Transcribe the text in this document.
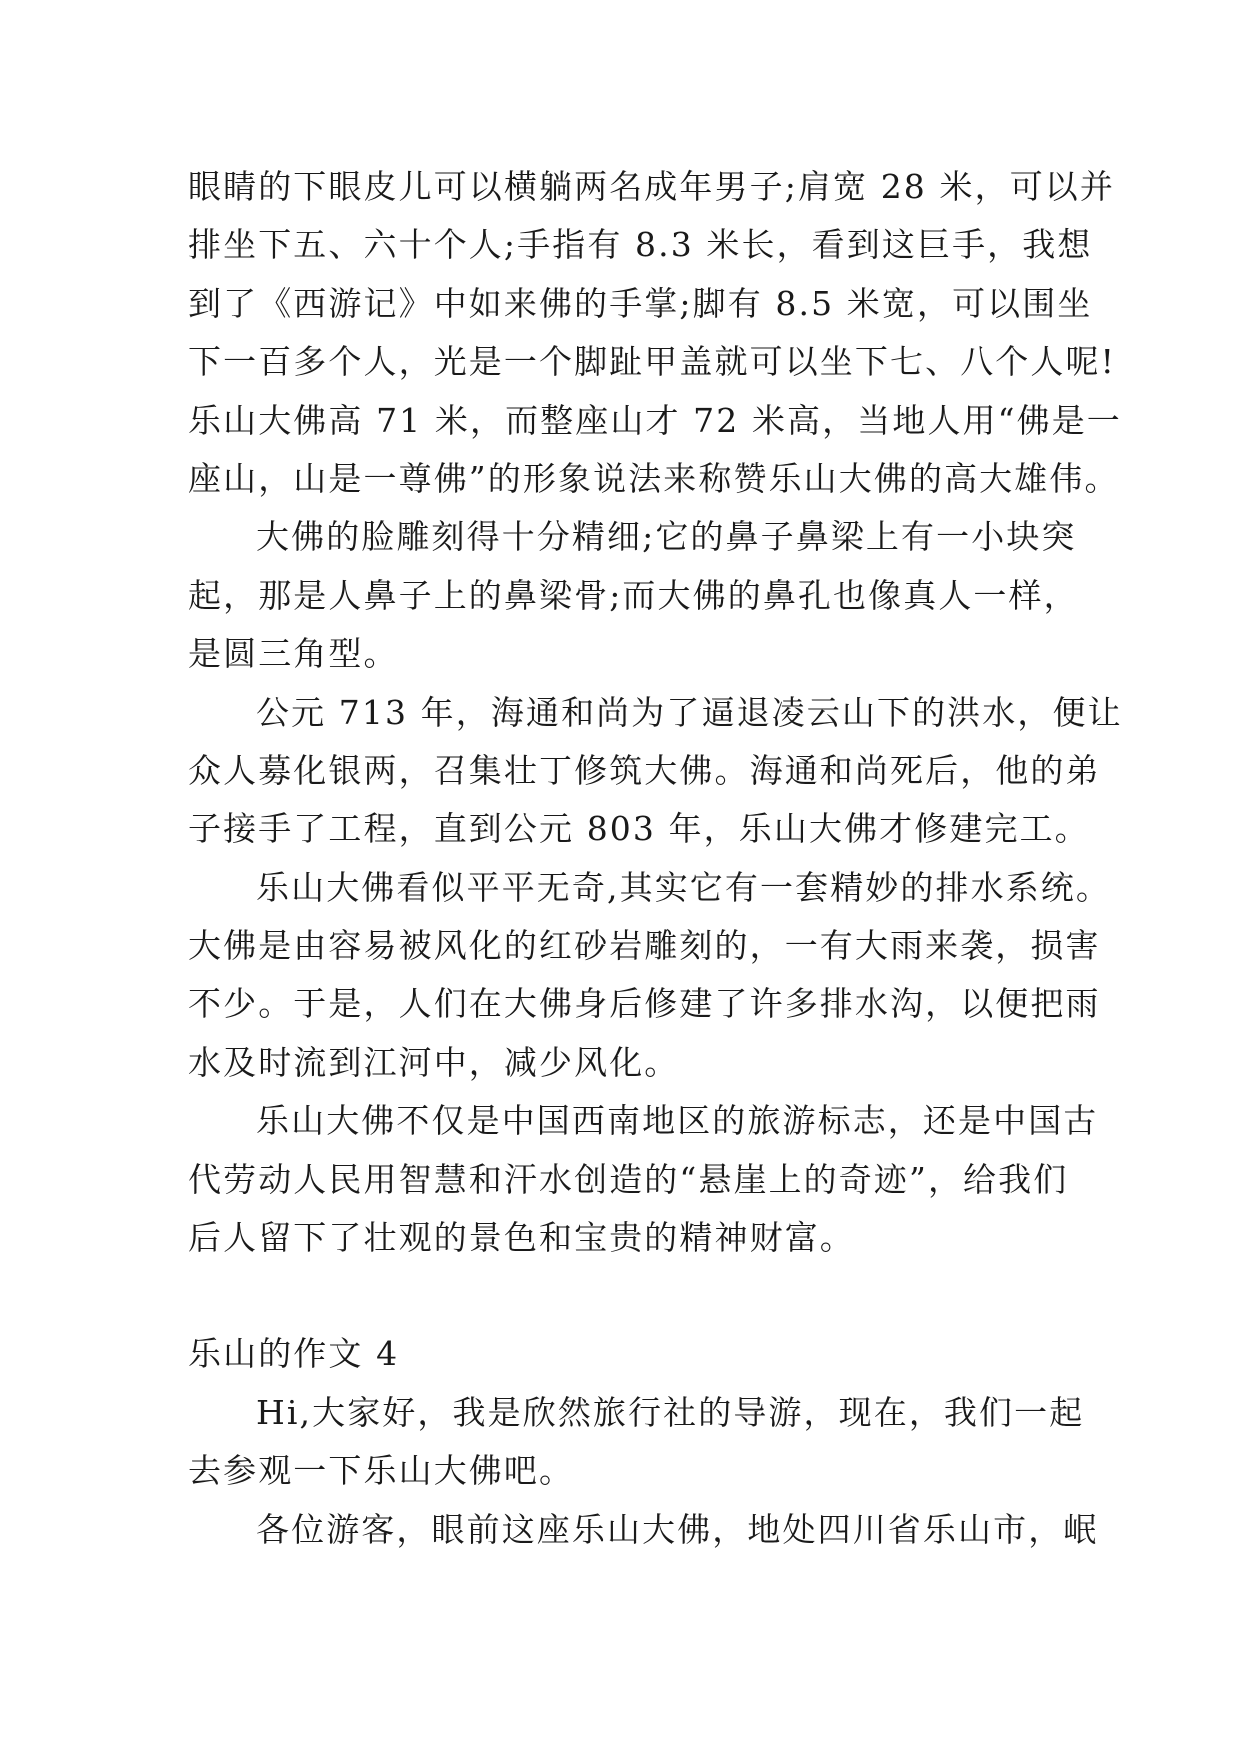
眼睛的下眼皮儿可以横躺两名成年男子;肩宽 28 米，可以并
排坐下五、六十个人;手指有 8.3 米长，看到这巨手，我想
到了《西游记》中如来佛的手掌;脚有 8.5 米宽，可以围坐
下一百多个人，光是一个脚趾甲盖就可以坐下七、八个人呢!
乐山大佛高 71 米，而整座山才 72 米高，当地人用“佛是一
座山，山是一尊佛”的形象说法来称赞乐山大佛的高大雄伟。
大佛的脸雕刻得十分精细;它的鼻子鼻梁上有一小块突
起，那是人鼻子上的鼻梁骨;而大佛的鼻孔也像真人一样，
是圆三角型。
公元 713 年，海通和尚为了逼退凌云山下的洪水，便让
众人募化银两，召集壮丁修筑大佛。海通和尚死后，他的弟
子接手了工程，直到公元 803 年，乐山大佛才修建完工。
乐山大佛看似平平无奇,其实它有一套精妙的排水系统。
大佛是由容易被风化的红砂岩雕刻的，一有大雨来袭，损害
不少。于是，人们在大佛身后修建了许多排水沟，以便把雨
水及时流到江河中，减少风化。
乐山大佛不仅是中国西南地区的旅游标志，还是中国古
代劳动人民用智慧和汗水创造的“悬崖上的奇迹”，给我们
后人留下了壮观的景色和宝贵的精神财富。
乐山的作文 4
Hi,大家好，我是欣然旅行社的导游，现在，我们一起
去参观一下乐山大佛吧。
各位游客，眼前这座乐山大佛，地处四川省乐山市，岷
